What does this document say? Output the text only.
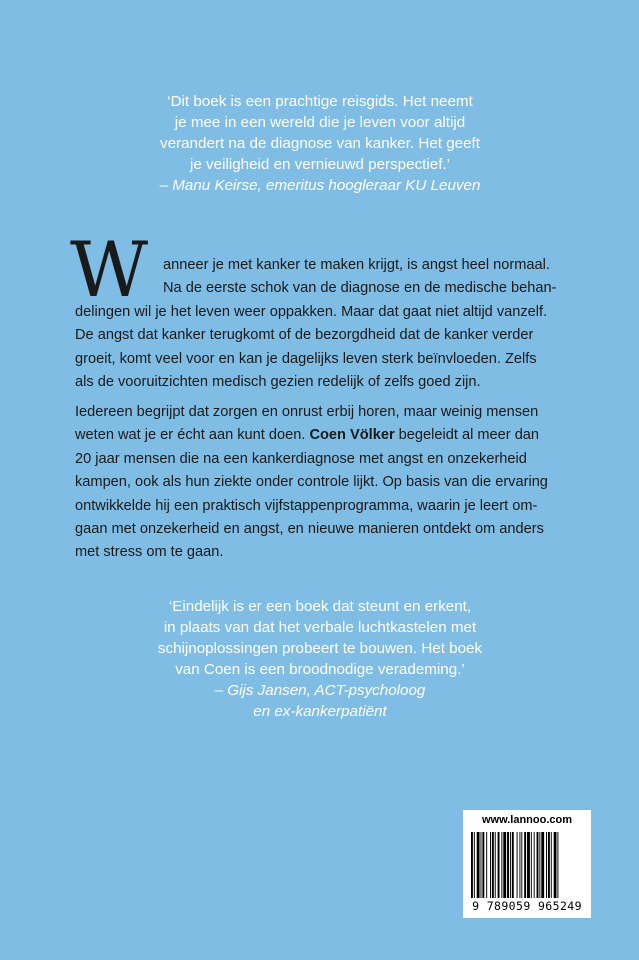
‘Dit boek is een prachtige reisgids. Het neemt
je mee in een wereld die je leven voor altijd
verandert na de diagnose van kanker. Het geeft
je veiligheid en vernieuwd perspectief.’
– Manu Keirse, emeritus hoogleraar KU Leuven
W	anneer je met kanker te maken krijgt, is angst heel normaal.
Na de eerste schok van de diagnose en de medische behan-
delingen wil je het leven weer oppakken. Maar dat gaat niet altijd vanzelf.
De angst dat kanker terugkomt of de bezorgdheid dat de kanker verder
groeit, komt veel voor en kan je dagelijks leven sterk beïnvloeden. Zelfs
als de vooruitzichten medisch gezien redelijk of zelfs goed zijn.
Iedereen begrijpt dat zorgen en onrust erbij horen, maar weinig mensen
weten wat je er écht aan kunt doen. Coen Völker begeleidt al meer dan
20 jaar mensen die na een kankerdiagnose met angst en onzekerheid
kampen, ook als hun ziekte onder controle lijkt. Op basis van die ervaring
ontwikkelde hij een praktisch vijfstappenprogramma, waarin je leert om-
gaan met onzekerheid en angst, en nieuwe manieren ontdekt om anders
met stress om te gaan.
‘Eindelijk is er een boek dat steunt en erkent,
in plaats van dat het verbale luchtkastelen met
schijnoplossingen probeert te bouwen. Het boek
van Coen is een broodnodige verademing.’
– Gijs Jansen, ACT-psycholoog
en ex-kankerpatiënt
www.lannoo.com
9 789059 965249
